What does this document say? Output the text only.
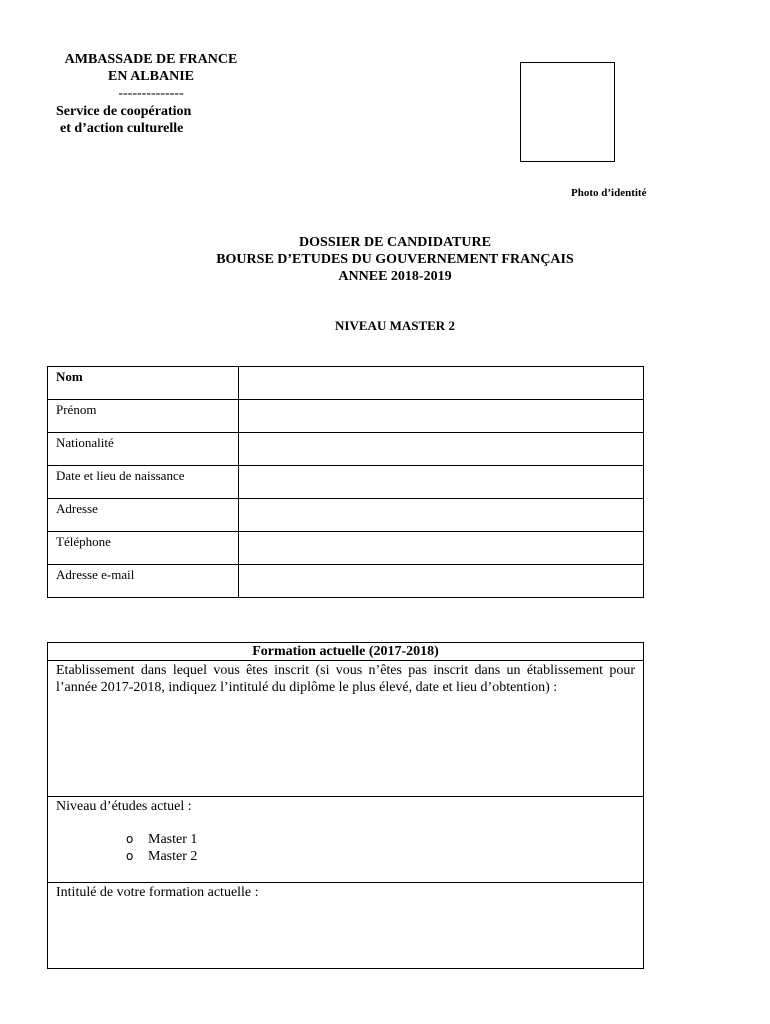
AMBASSADE DE FRANCE
EN ALBANIE
--------------
Service de coopération
et d’action culturelle
Photo d’identité
DOSSIER DE CANDIDATURE
BOURSE D’ETUDES DU GOUVERNEMENT FRANÇAIS
ANNEE 2018-2019
NIVEAU MASTER 2
Nom	
Prénom	
Nationalité	
Date et lieu de naissance	
Adresse	
Téléphone	
Adresse e-mail	
Formation actuelle (2017-2018)
Etablissement dans lequel vous êtes inscrit (si vous n’êtes pas inscrit dans un établissement pour l’année 2017-2018, indiquez l’intitulé du diplôme le plus élevé, date et lieu d’obtention) :

Niveau d’études actuel :
o	Master 1
o	Master 2

Intitulé de votre formation actuelle :
